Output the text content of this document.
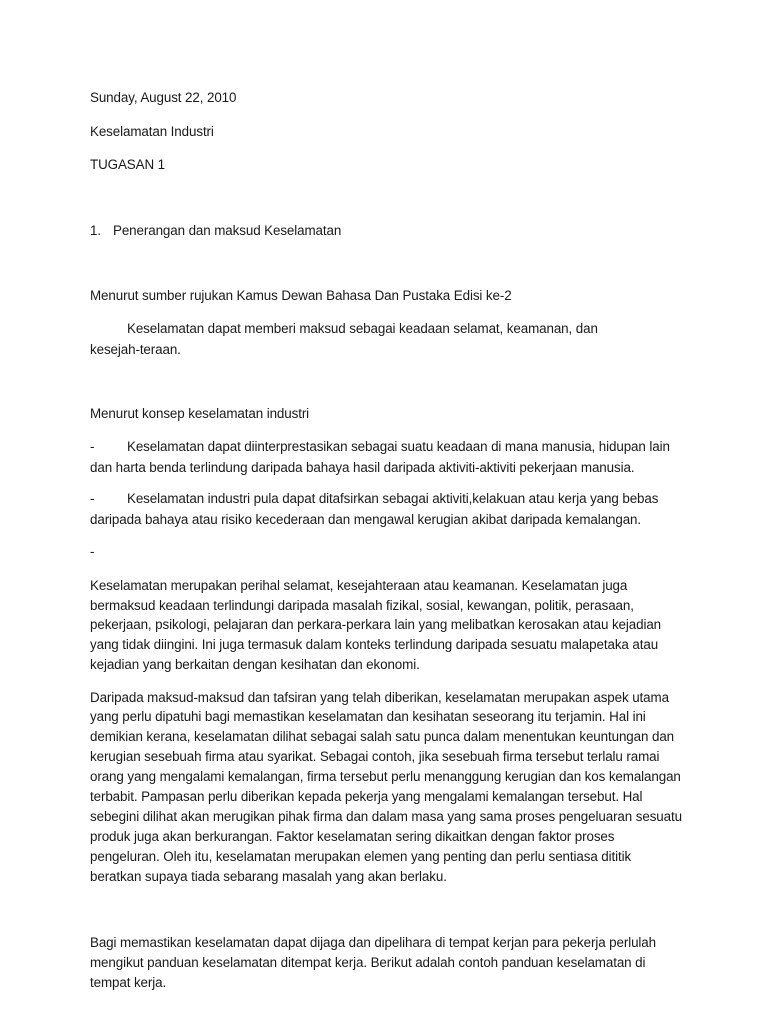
Sunday, August 22, 2010
Keselamatan Industri
TUGASAN 1
1. Penerangan dan maksud Keselamatan
Menurut sumber rujukan Kamus Dewan Bahasa Dan Pustaka Edisi ke-2
Keselamatan dapat memberi maksud sebagai keadaan selamat, keamanan, dan
kesejah-teraan.
Menurut konsep keselamatan industri
- Keselamatan dapat diinterprestasikan sebagai suatu keadaan di mana manusia, hidupan lain
dan harta benda terlindung daripada bahaya hasil daripada aktiviti-aktiviti pekerjaan manusia.
- Keselamatan industri pula dapat ditafsirkan sebagai aktiviti,kelakuan atau kerja yang bebas
daripada bahaya atau risiko kecederaan dan mengawal kerugian akibat daripada kemalangan.
-
Keselamatan merupakan perihal selamat, kesejahteraan atau keamanan. Keselamatan juga
bermaksud keadaan terlindungi daripada masalah fizikal, sosial, kewangan, politik, perasaan,
pekerjaan, psikologi, pelajaran dan perkara-perkara lain yang melibatkan kerosakan atau kejadian
yang tidak diingini. Ini juga termasuk dalam konteks terlindung daripada sesuatu malapetaka atau
kejadian yang berkaitan dengan kesihatan dan ekonomi.
Daripada maksud-maksud dan tafsiran yang telah diberikan, keselamatan merupakan aspek utama
yang perlu dipatuhi bagi memastikan keselamatan dan kesihatan seseorang itu terjamin. Hal ini
demikian kerana, keselamatan dilihat sebagai salah satu punca dalam menentukan keuntungan dan
kerugian sesebuah firma atau syarikat. Sebagai contoh, jika sesebuah firma tersebut terlalu ramai
orang yang mengalami kemalangan, firma tersebut perlu menanggung kerugian dan kos kemalangan
terbabit. Pampasan perlu diberikan kepada pekerja yang mengalami kemalangan tersebut. Hal
sebegini dilihat akan merugikan pihak firma dan dalam masa yang sama proses pengeluaran sesuatu
produk juga akan berkurangan. Faktor keselamatan sering dikaitkan dengan faktor proses
pengeluran. Oleh itu, keselamatan merupakan elemen yang penting dan perlu sentiasa dititik
beratkan supaya tiada sebarang masalah yang akan berlaku.
Bagi memastikan keselamatan dapat dijaga dan dipelihara di tempat kerjan para pekerja perlulah
mengikut panduan keselamatan ditempat kerja. Berikut adalah contoh panduan keselamatan di
tempat kerja.
